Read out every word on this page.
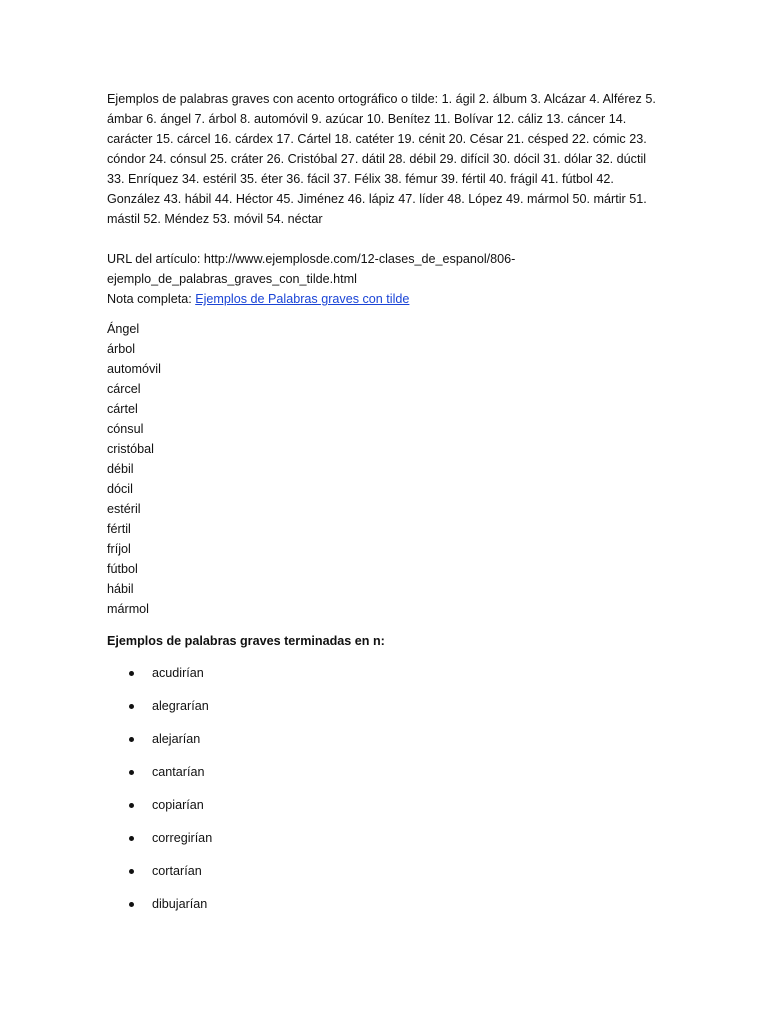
Ejemplos de palabras graves con acento ortográfico o tilde: 1. ágil 2. álbum 3. Alcázar 4. Alférez 5. ámbar 6. ángel 7. árbol 8. automóvil 9. azúcar 10. Benítez 11. Bolívar 12. cáliz 13. cáncer 14. carácter 15. cárcel 16. cárdex 17. Cártel 18. catéter 19. cénit 20. César 21. césped 22. cómic 23. cóndor 24. cónsul 25. cráter 26. Cristóbal 27. dátil 28. débil 29. difícil 30. dócil 31. dólar 32. dúctil 33. Enríquez 34. estéril 35. éter 36. fácil 37. Félix 38. fémur 39. fértil 40. frágil 41. fútbol 42. González 43. hábil 44. Héctor 45. Jiménez 46. lápiz 47. líder 48. López 49. mármol 50. mártir 51. mástil 52. Méndez 53. móvil 54. néctar

URL del artículo: http://www.ejemplosde.com/12-clases_de_espanol/806-ejemplo_de_palabras_graves_con_tilde.html

Nota completa: Ejemplos de Palabras graves con tilde

Ángel
árbol
automóvil
cárcel
cártel
cónsul
cristóbal
débil
dócil
estéril
fértil
fríjol
fútbol
hábil
mármol

Ejemplos de palabras graves terminadas en n:

acudirían
alegrarían
alejarían
cantarían
copiarían
corregirían
cortarían
dibujarían
